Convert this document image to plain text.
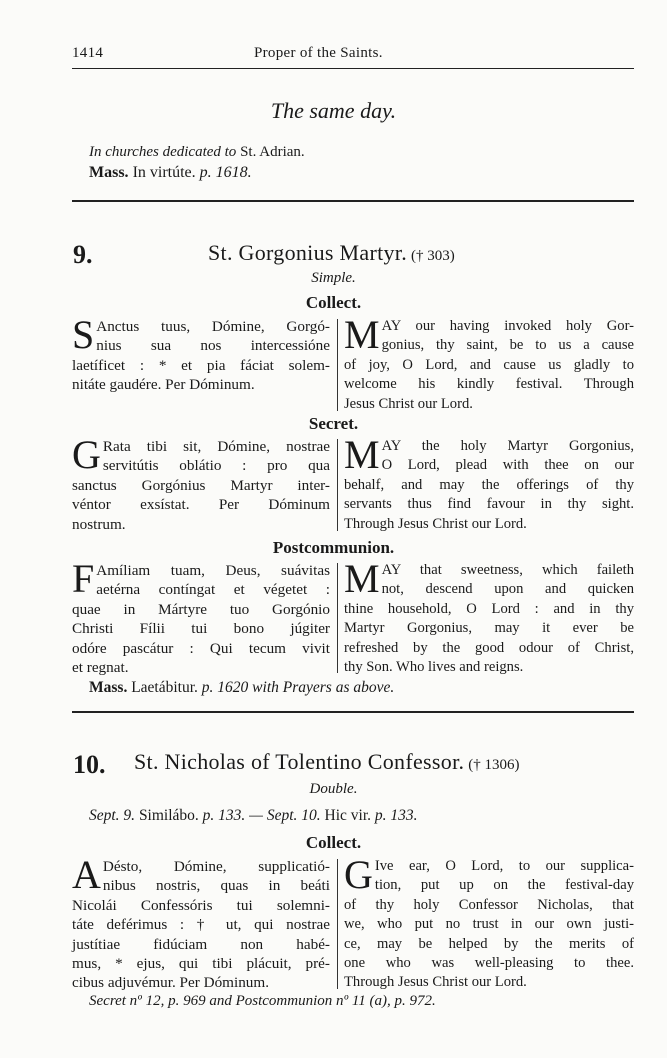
1414	Proper of the Saints.
The same day.
In churches dedicated to St. Adrian.
Mass. In virtúte. p. 1618.
9.	St. Gorgonius Martyr. († 303)
Simple.
Collect.
S Anctus tuus, Dómine, Gorgó-
nius sua nos intercessióne
laetíficet : * et pia fáciat solem-
nitáte gaudére. Per Dóminum.
M AY our having invoked holy Gor-
gonius, thy saint, be to us a cause
of joy, O Lord, and cause us gladly to
welcome his kindly festival. Through
Jesus Christ our Lord.
Secret.
G Rata tibi sit, Dómine, nostrae
servitútis oblátio : pro qua
sanctus Gorgónius Martyr inter-
véntor exsístat. Per Dóminum
nostrum.
M AY the holy Martyr Gorgonius,
O Lord, plead with thee on our
behalf, and may the offerings of thy
servants thus find favour in thy sight.
Through Jesus Christ our Lord.
Postcommunion.
F Amíliam tuam, Deus, suávitas
aetérna contíngat et végetet :
quae in Mártyre tuo Gorgónio
Christi Fílii tui bono júgiter
odóre pascátur : Qui tecum vivit
et regnat.
M AY that sweetness, which faileth
not, descend upon and quicken
thine household, O Lord : and in thy
Martyr Gorgonius, may it ever be
refreshed by the good odour of Christ,
thy Son. Who lives and reigns.
Mass. Laetábitur. p. 1620 with Prayers as above.
10. St. Nicholas of Tolentino Confessor. († 1306)
Double.
Sept. 9. Similábo. p. 133. — Sept. 10. Hic vir. p. 133.
Collect.
A Désto, Dómine, supplicatió-
nibus nostris, quas in beáti
Nicolái Confessóris tui solemni-
táte deférimus : † ut, qui nostrae
justítiae fidúciam non habé-
mus, * ejus, qui tibi plácuit, pré-
cibus adjuvémur. Per Dóminum.
G Ive ear, O Lord, to our supplica-
tion, put up on the festival-day
of thy holy Confessor Nicholas, that
we, who put no trust in our own justi-
ce, may be helped by the merits of
one who was well-pleasing to thee.
Through Jesus Christ our Lord.
Secret nº 12, p. 969 and Postcommunion nº 11 (a), p. 972.
